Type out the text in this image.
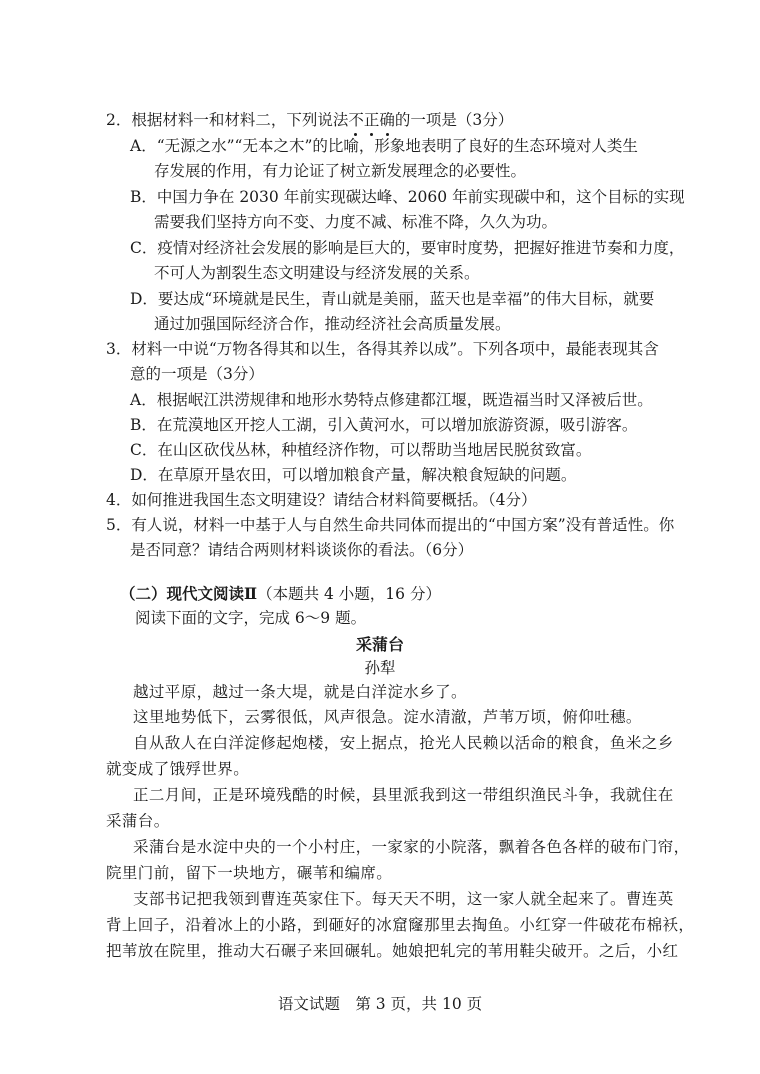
2．根据材料一和材料二，下列说法不正确
的一项是（3分）
A．“无源之水”“无本之木”的比喻，形象地表明了良好的生态环境对人类生
存发展的作用，有力论证了树立新发展理念的必要性。
B．中国力争在 2030 年前实现碳达峰、2060 年前实现碳中和，这个目标的实现
需要我们坚持方向不变、力度不减、标准不降，久久为功。
C．疫情对经济社会发展的影响是巨大的，要审时度势，把握好推进节奏和力度，
不可人为割裂生态文明建设与经济发展的关系。
D．要达成“环境就是民生，青山就是美丽，蓝天也是幸福”的伟大目标，就要
通过加强国际经济合作，推动经济社会高质量发展。
3．材料一中说“万物各得其和以生，各得其养以成”。下列各项中，最能表现其含
意的一项是（3分）
A．根据岷江洪涝规律和地形水势特点修建都江堰，既造福当时又泽被后世。
B．在荒漠地区开挖人工湖，引入黄河水，可以增加旅游资源，吸引游客。
C．在山区砍伐丛林，种植经济作物，可以帮助当地居民脱贫致富。
D．在草原开垦农田，可以增加粮食产量，解决粮食短缺的问题。
4．如何推进我国生态文明建设？请结合材料简要概括。（4分）
5．有人说，材料一中基于人与自然生命共同体而提出的“中国方案”没有普适性。你
是否同意？请结合两则材料谈谈你的看法。（6分）
（二）现代文阅读Ⅱ（本题共 4 小题，16 分）
阅读下面的文字，完成 6～9 题。
采蒲台
孙犁
越过平原，越过一条大堤，就是白洋淀水乡了。
这里地势低下，云雾很低，风声很急。淀水清澈，芦苇万顷，俯仰吐穗。
自从敌人在白洋淀修起炮楼，安上据点，抢光人民赖以活命的粮食，鱼米之乡
就变成了饿殍世界。
正二月间，正是环境残酷的时候，县里派我到这一带组织渔民斗争，我就住在
采蒲台。
采蒲台是水淀中央的一个小村庄，一家家的小院落，飘着各色各样的破布门帘，
院里门前，留下一块地方，碾苇和编席。
支部书记把我领到曹连英家住下。每天天不明，这一家人就全起来了。曹连英
背上回子，沿着冰上的小路，到砸好的冰窟窿那里去掏鱼。小红穿一件破花布棉袄，
把苇放在院里，推动大石碾子来回碾轧。她娘把轧完的苇用鞋尖破开。之后，小红
语文试题　第 3 页，共 10 页
